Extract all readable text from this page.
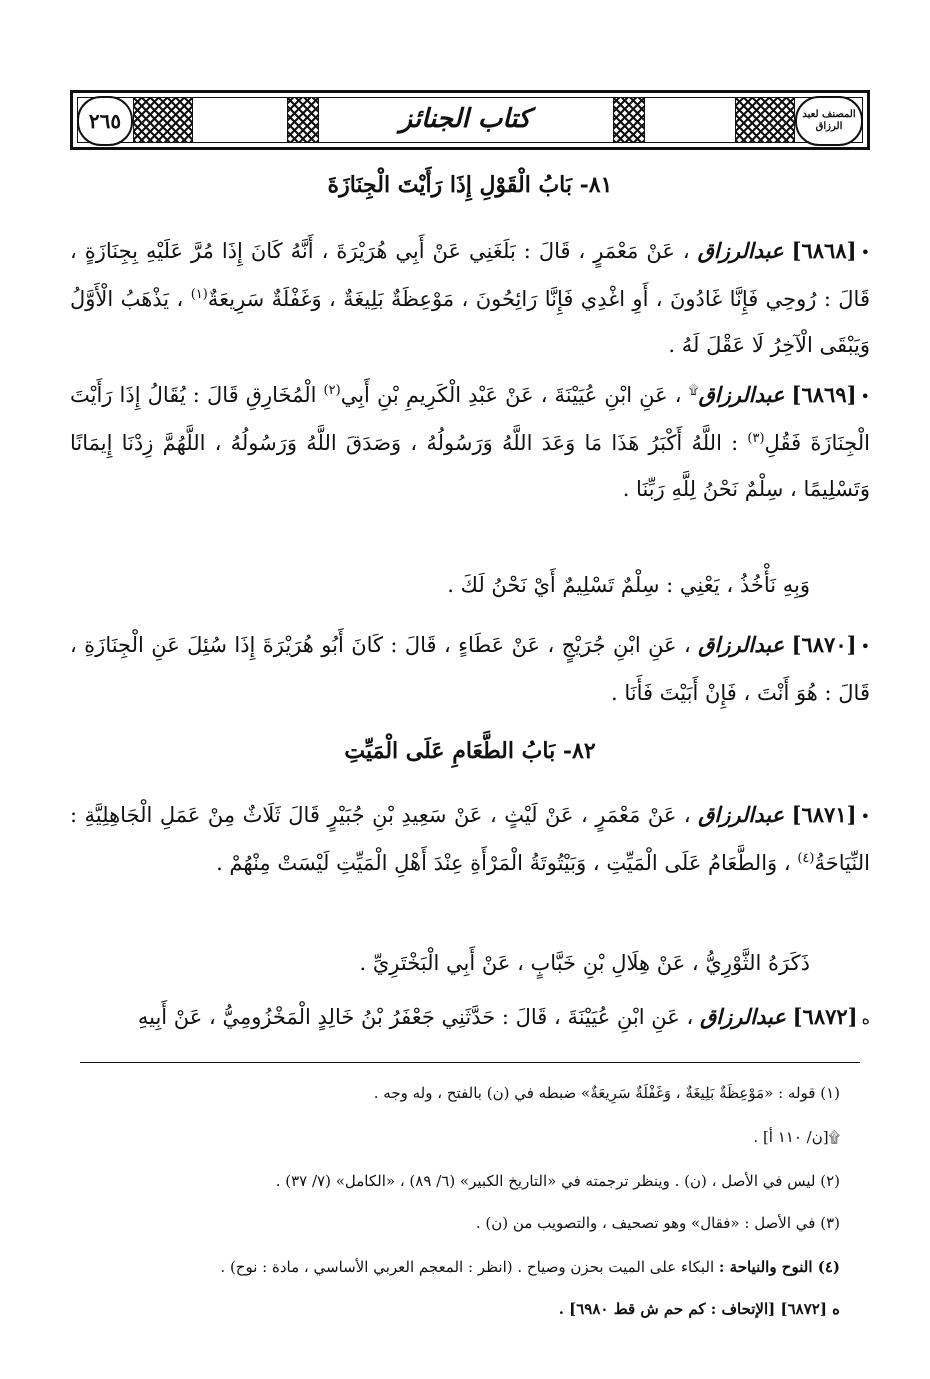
٢٦٥	كتاب الجنائز	المصنف لعبد الرزاق
٨١- بَابُ الْقَوْلِ إِذَا رَأَيْتَ الْجِنَازَةَ
•[٦٨٦٨] عبدالرزاق ، عَنْ مَعْمَرٍ ، قَالَ : بَلَغَنِي عَنْ أَبِي هُرَيْرَةَ ، أَنَّهُ كَانَ إِذَا مُرَّ عَلَيْهِ بِجِنَازَةٍ ، قَالَ : رُوحِي فَإِنَّا غَادُونَ ، أَوِ اغْدِي فَإِنَّا رَائِحُونَ ، مَوْعِظَةٌ بَلِيغَةٌ ، وَغَفْلَةٌ سَرِيعَةٌ$^{(١)}$ ، يَذْهَبُ الْأَوَّلُ وَيَبْقَى الْآخِرُ لَا عَقْلَ لَهُ .
•[٦٨٦٩] عبدالرزاق۩ ، عَنِ ابْنِ عُيَيْنَةَ ، عَنْ عَبْدِ الْكَرِيمِ بْنِ أَبِي$^{(٢)}$ الْمُخَارِقِ قَالَ : يُقَالُ إِذَا رَأَيْتَ الْجِنَازَةَ فَقُلِ$^{(٣)}$ : اللَّهُ أَكْبَرُ هَذَا مَا وَعَدَ اللَّهُ وَرَسُولُهُ ، وَصَدَقَ اللَّهُ وَرَسُولُهُ ، اللَّهُمَّ زِدْنَا إِيمَانًا وَتَسْلِيمًا ، سِلْمٌ نَحْنُ لِلَّهِ رَبِّنَا .
وَبِهِ نَأْخُذُ ، يَعْنِي : سِلْمٌ تَسْلِيمٌ أَيْ نَحْنُ لَكَ .
•[٦٨٧٠] عبدالرزاق ، عَنِ ابْنِ جُرَيْجٍ ، عَنْ عَطَاءٍ ، قَالَ : كَانَ أَبُو هُرَيْرَةَ إِذَا سُئِلَ عَنِ الْجِنَازَةِ ، قَالَ : هُوَ أَنْتَ ، فَإِنْ أَبَيْتَ فَأَنَا .
٨٢- بَابُ الطَّعَامِ عَلَى الْمَيِّتِ
•[٦٨٧١] عبدالرزاق ، عَنْ مَعْمَرٍ ، عَنْ لَيْثٍ ، عَنْ سَعِيدِ بْنِ جُبَيْرٍ قَالَ ثَلَاثٌ مِنْ عَمَلِ الْجَاهِلِيَّةِ : النِّيَاحَةُ$^{(٤)}$ ، وَالطَّعَامُ عَلَى الْمَيِّتِ ، وَبَيْتُوتَةُ الْمَرْأَةِ عِنْدَ أَهْلِ الْمَيِّتِ لَيْسَتْ مِنْهُمْ .
ذَكَرَهُ الثَّوْرِيُّ ، عَنْ هِلَالِ بْنِ خَبَّابٍ ، عَنْ أَبِي الْبَخْتَرِيِّ .
ه[٦٨٧٢] عبدالرزاق ، عَنِ ابْنِ عُيَيْنَةَ ، قَالَ : حَدَّثَنِي جَعْفَرُ بْنُ خَالِدٍ الْمَخْزُومِيُّ ، عَنْ أَبِيهِ
(١) قوله : «مَوْعِظَةٌ بَلِيغَةٌ ، وَغَفْلَةٌ سَرِيعَةٌ» ضبطه في (ن) بالفتح ، وله وجه .
۩[ن/ ١١٠ أ] .
(٢) ليس في الأصل ، (ن) . وينظر ترجمته في «التاريخ الكبير» (٦/ ٨٩) ، «الكامل» (٧/ ٣٧) .
(٣) في الأصل : «فقال» وهو تصحيف ، والتصويب من (ن) .
(٤) النوح والنياحة : البكاء على الميت بحزن وصياح . (انظر : المعجم العربي الأساسي ، مادة : نوح) .
ه [٦٨٧٢] [الإتحاف : كم حم ش قط ٦٩٨٠] .
